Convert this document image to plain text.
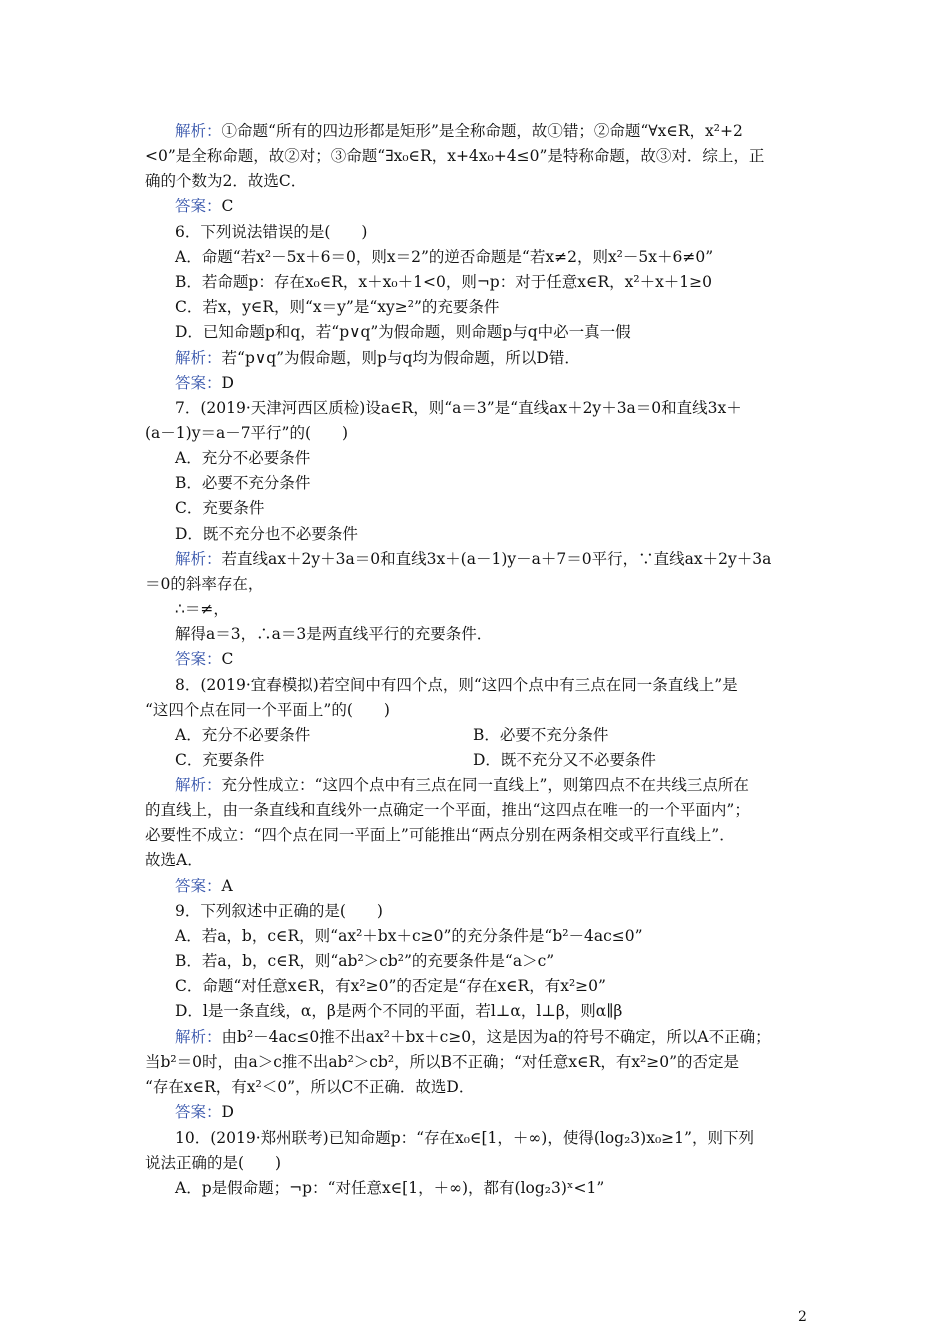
解析：①命题“所有的四边形都是矩形”是全称命题，故①错；②命题“∀x∈R，x²+2
<0”是全称命题，故②对；③命题“∃x₀∈R，x+4x₀+4≤0”是特称命题，故③对．综上，正
确的个数为2．故选C．
答案：C
6．下列说法错误的是(　　)
A．命题“若x²－5x＋6＝0，则x＝2”的逆否命题是“若x≠2，则x²－5x＋6≠0”
B．若命题p：存在x₀∈R，x＋x₀＋1<0，则¬p：对于任意x∈R，x²＋x＋1≥0
C．若x，y∈R，则“x＝y”是“xy≥²”的充要条件
D．已知命题p和q，若“p∨q”为假命题，则命题p与q中必一真一假
解析：若“p∨q”为假命题，则p与q均为假命题，所以D错．
答案：D
7．(2019·天津河西区质检)设a∈R，则“a＝3”是“直线ax＋2y＋3a＝0和直线3x＋
(a－1)y＝a－7平行”的(　　)
A．充分不必要条件
B．必要不充分条件
C．充要条件
D．既不充分也不必要条件
解析：若直线ax＋2y＋3a＝0和直线3x＋(a－1)y－a＋7＝0平行，∵直线ax＋2y＋3a
＝0的斜率存在，
∴＝≠，
解得a＝3，∴a＝3是两直线平行的充要条件．
答案：C
8．(2019·宜春模拟)若空间中有四个点，则“这四个点中有三点在同一条直线上”是
“这四个点在同一个平面上”的(　　)
A．充分不必要条件	B．必要不充分条件
C．充要条件	D．既不充分又不必要条件
解析：充分性成立：“这四个点中有三点在同一直线上”，则第四点不在共线三点所在
的直线上，由一条直线和直线外一点确定一个平面，推出“这四点在唯一的一个平面内”；
必要性不成立：“四个点在同一平面上”可能推出“两点分别在两条相交或平行直线上”．
故选A．
答案：A
9．下列叙述中正确的是(　　)
A．若a，b，c∈R，则“ax²＋bx＋c≥0”的充分条件是“b²－4ac≤0”
B．若a，b，c∈R，则“ab²＞cb²”的充要条件是“a＞c”
C．命题“对任意x∈R，有x²≥0”的否定是“存在x∈R，有x²≥0”
D．l是一条直线，α，β是两个不同的平面，若l⊥α，l⊥β，则α∥β
解析：由b²－4ac≤0推不出ax²＋bx＋c≥0，这是因为a的符号不确定，所以A不正确；
当b²＝0时，由a＞c推不出ab²＞cb²，所以B不正确；“对任意x∈R，有x²≥0”的否定是
“存在x∈R，有x²＜0”，所以C不正确．故选D．
答案：D
10．(2019·郑州联考)已知命题p：“存在x₀∈[1，＋∞)，使得(log₂3)x₀≥1”，则下列
说法正确的是(　　)
A．p是假命题；¬p：“对任意x∈[1，＋∞)，都有(log₂3)ˣ<1”
2
